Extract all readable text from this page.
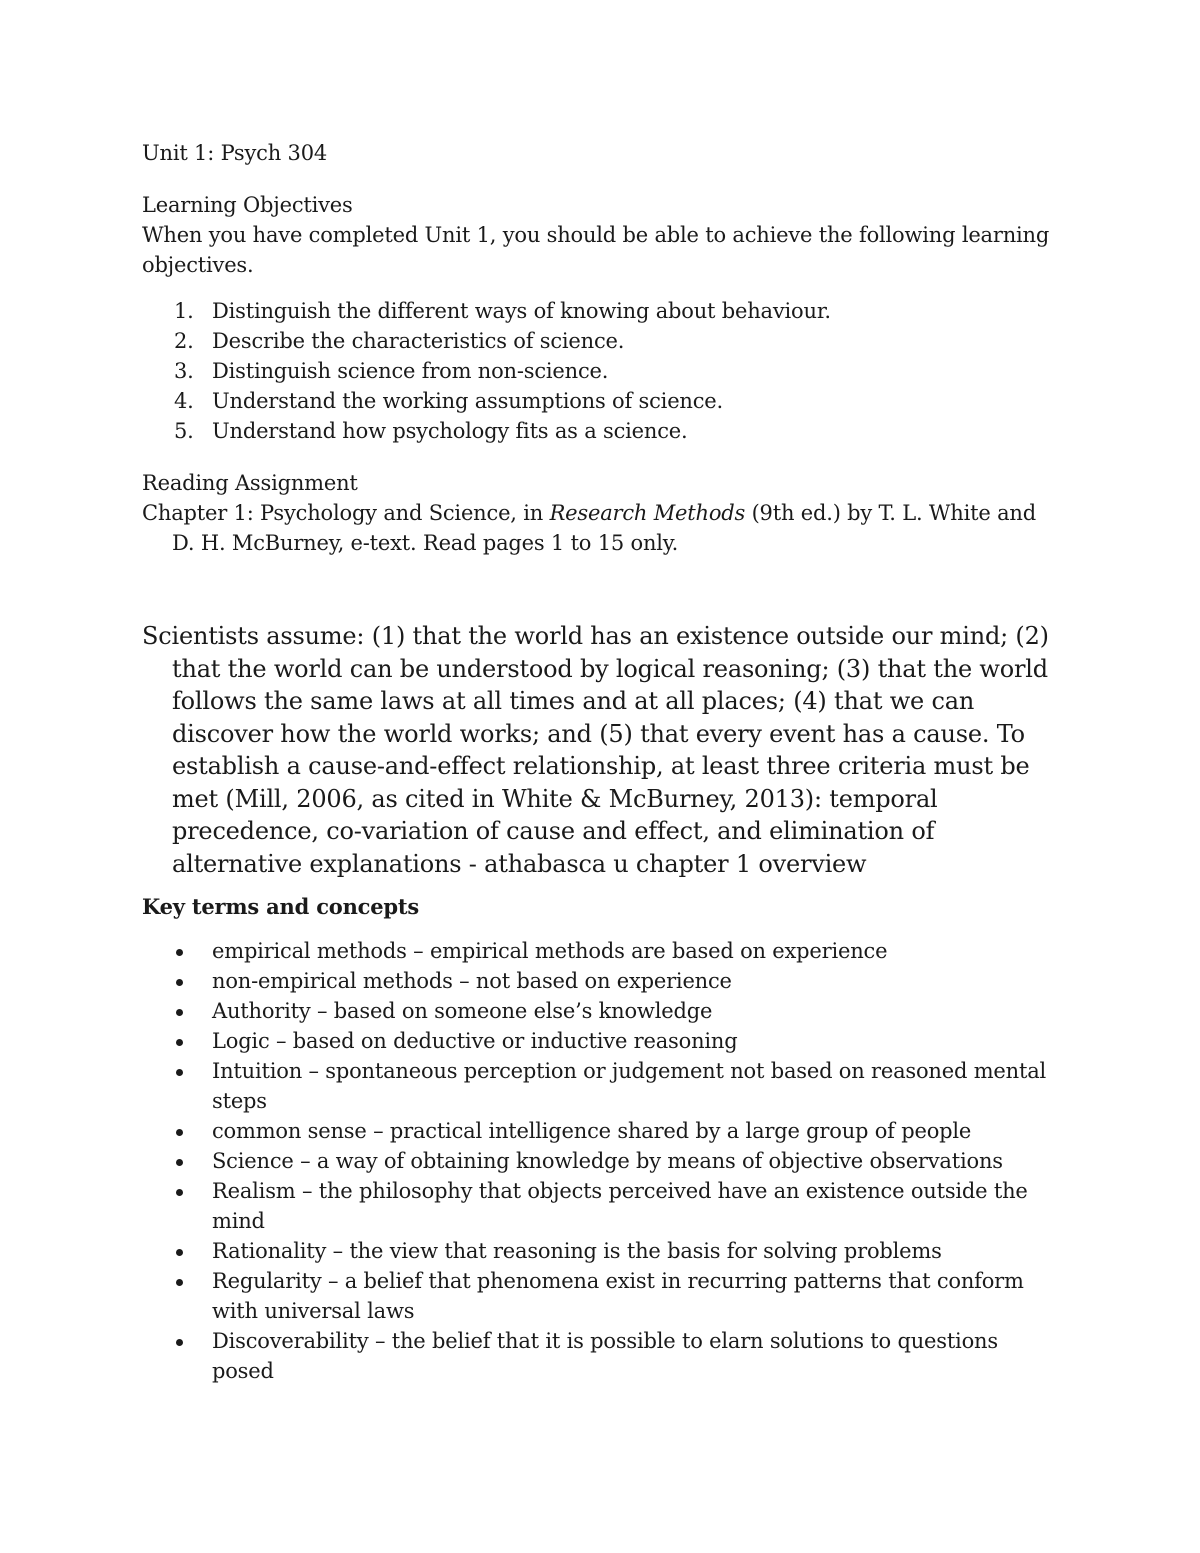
Unit 1: Psych 304

Learning Objectives

When you have completed Unit 1, you should be able to achieve the following learning objectives.

1. Distinguish the different ways of knowing about behaviour.
2. Describe the characteristics of science.
3. Distinguish science from non-science.
4. Understand the working assumptions of science.
5. Understand how psychology fits as a science.

Reading Assignment

Chapter 1: Psychology and Science, in Research Methods (9th ed.) by T. L. White and D. H. McBurney, e-text. Read pages 1 to 15 only.

Scientists assume: (1) that the world has an existence outside our mind; (2) that the world can be understood by logical reasoning; (3) that the world follows the same laws at all times and at all places; (4) that we can discover how the world works; and (5) that every event has a cause. To establish a cause-and-effect relationship, at least three criteria must be met (Mill, 2006, as cited in White & McBurney, 2013): temporal precedence, co-variation of cause and effect, and elimination of alternative explanations - athabasca u chapter 1 overview

Key terms and concepts

empirical methods – empirical methods are based on experience
non-empirical methods – not based on experience
Authority – based on someone else’s knowledge
Logic – based on deductive or inductive reasoning
Intuition – spontaneous perception or judgement not based on reasoned mental steps
common sense – practical intelligence shared by a large group of people
Science – a way of obtaining knowledge by means of objective observations
Realism – the philosophy that objects perceived have an existence outside the mind
Rationality – the view that reasoning is the basis for solving problems
Regularity – a belief that phenomena exist in recurring patterns that conform with universal laws
Discoverability – the belief that it is possible to elarn solutions to questions posed
